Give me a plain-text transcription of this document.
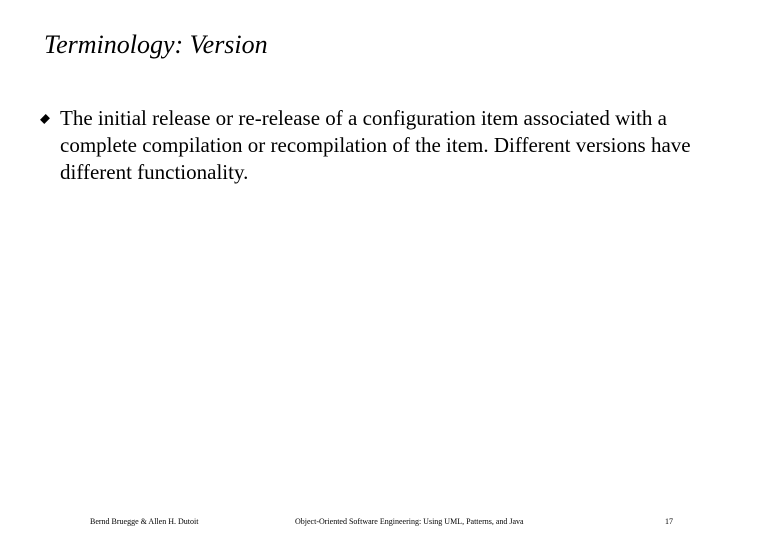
Terminology: Version
The initial release or re-release of a configuration item associated with a complete compilation or recompilation of the item. Different versions have different functionality.
Bernd Bruegge & Allen H. Dutoit	Object-Oriented Software Engineering: Using UML, Patterns, and Java	17
